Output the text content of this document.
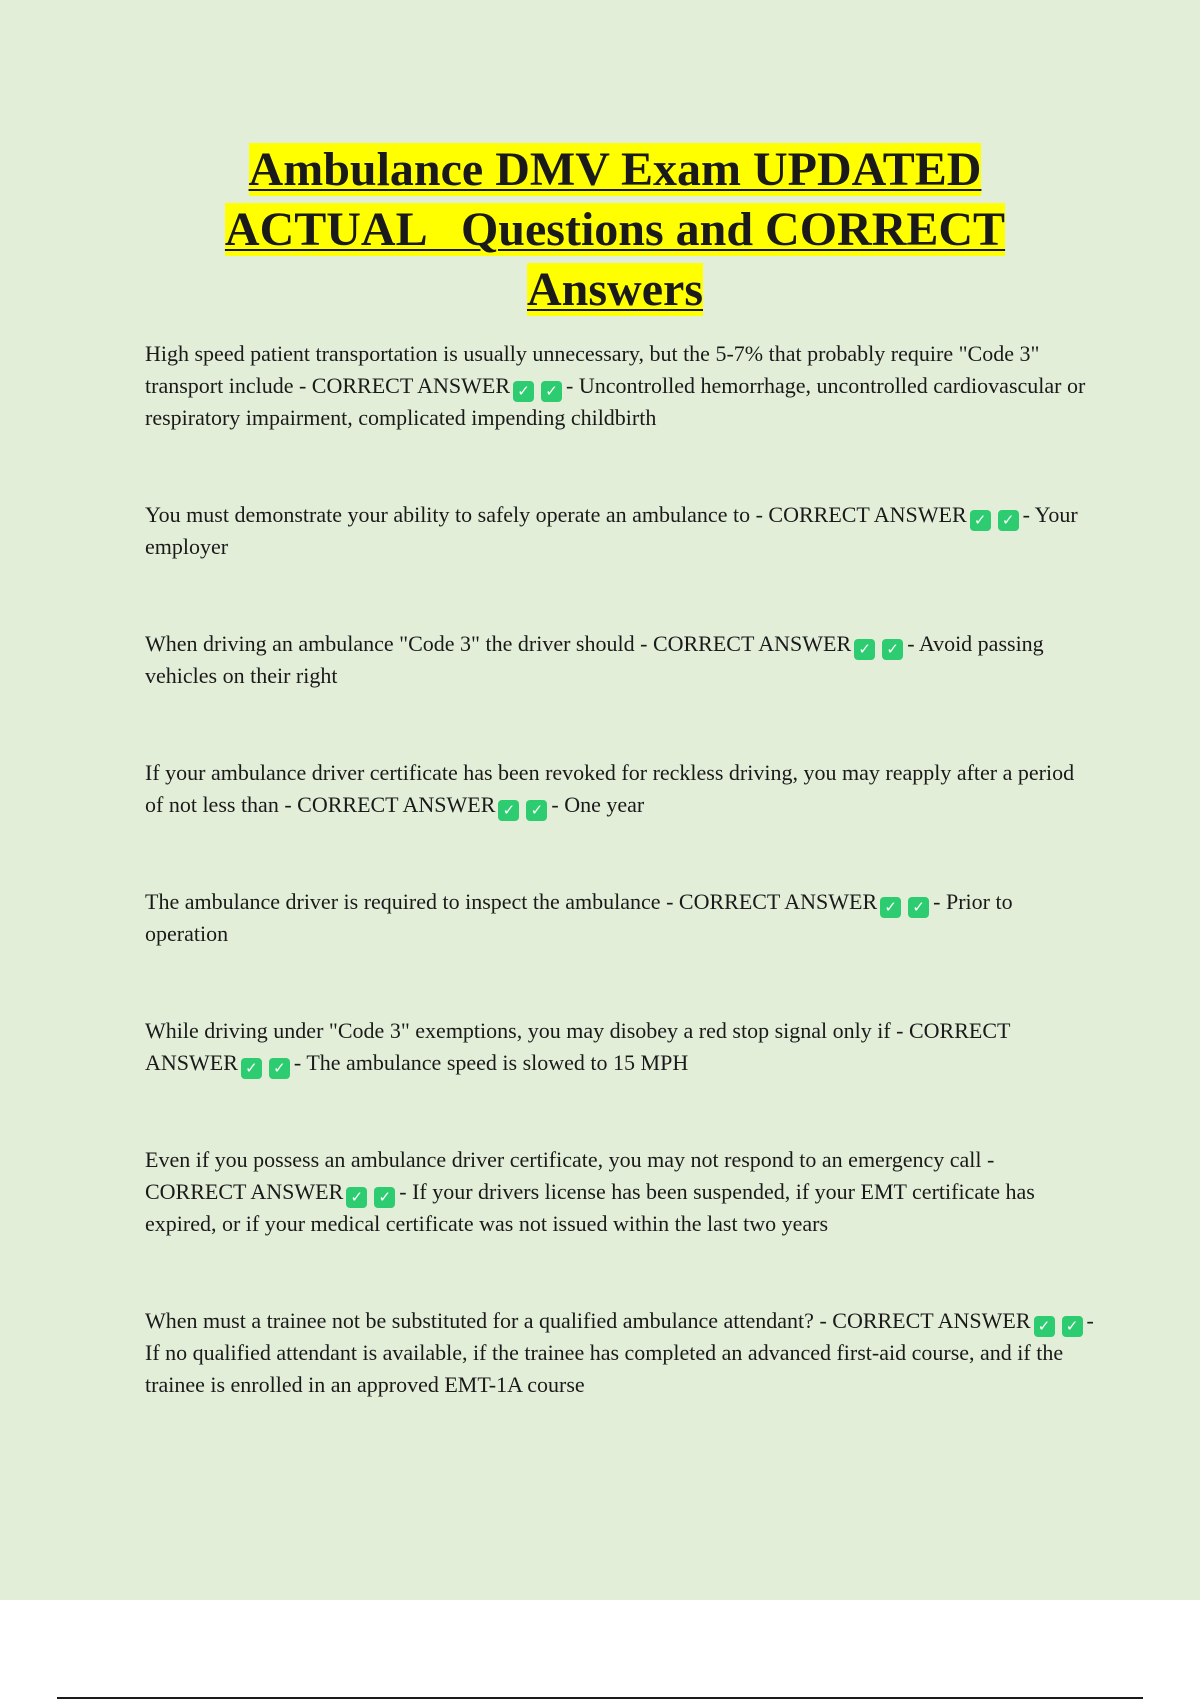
Ambulance DMV Exam UPDATED
ACTUAL   Questions and CORRECT
Answers

High speed patient transportation is usually unnecessary, but the 5-7% that probably require "Code 3" transport include - CORRECT ANSWER ✓ ✓ - Uncontrolled hemorrhage, uncontrolled cardiovascular or respiratory impairment, complicated impending childbirth

You must demonstrate your ability to safely operate an ambulance to - CORRECT ANSWER ✓ ✓ - Your employer

When driving an ambulance "Code 3" the driver should - CORRECT ANSWER ✓ ✓ - Avoid passing vehicles on their right

If your ambulance driver certificate has been revoked for reckless driving, you may reapply after a period of not less than - CORRECT ANSWER ✓ ✓ - One year

The ambulance driver is required to inspect the ambulance - CORRECT ANSWER ✓ ✓ - Prior to operation

While driving under "Code 3" exemptions, you may disobey a red stop signal only if - CORRECT ANSWER ✓ ✓ - The ambulance speed is slowed to 15 MPH

Even if you possess an ambulance driver certificate, you may not respond to an emergency call - CORRECT ANSWER ✓ ✓ - If your drivers license has been suspended, if your EMT certificate has expired, or if your medical certificate was not issued within the last two years

When must a trainee not be substituted for a qualified ambulance attendant? - CORRECT ANSWER ✓ ✓ - If no qualified attendant is available, if the trainee has completed an advanced first-aid course, and if the trainee is enrolled in an approved EMT-1A course
